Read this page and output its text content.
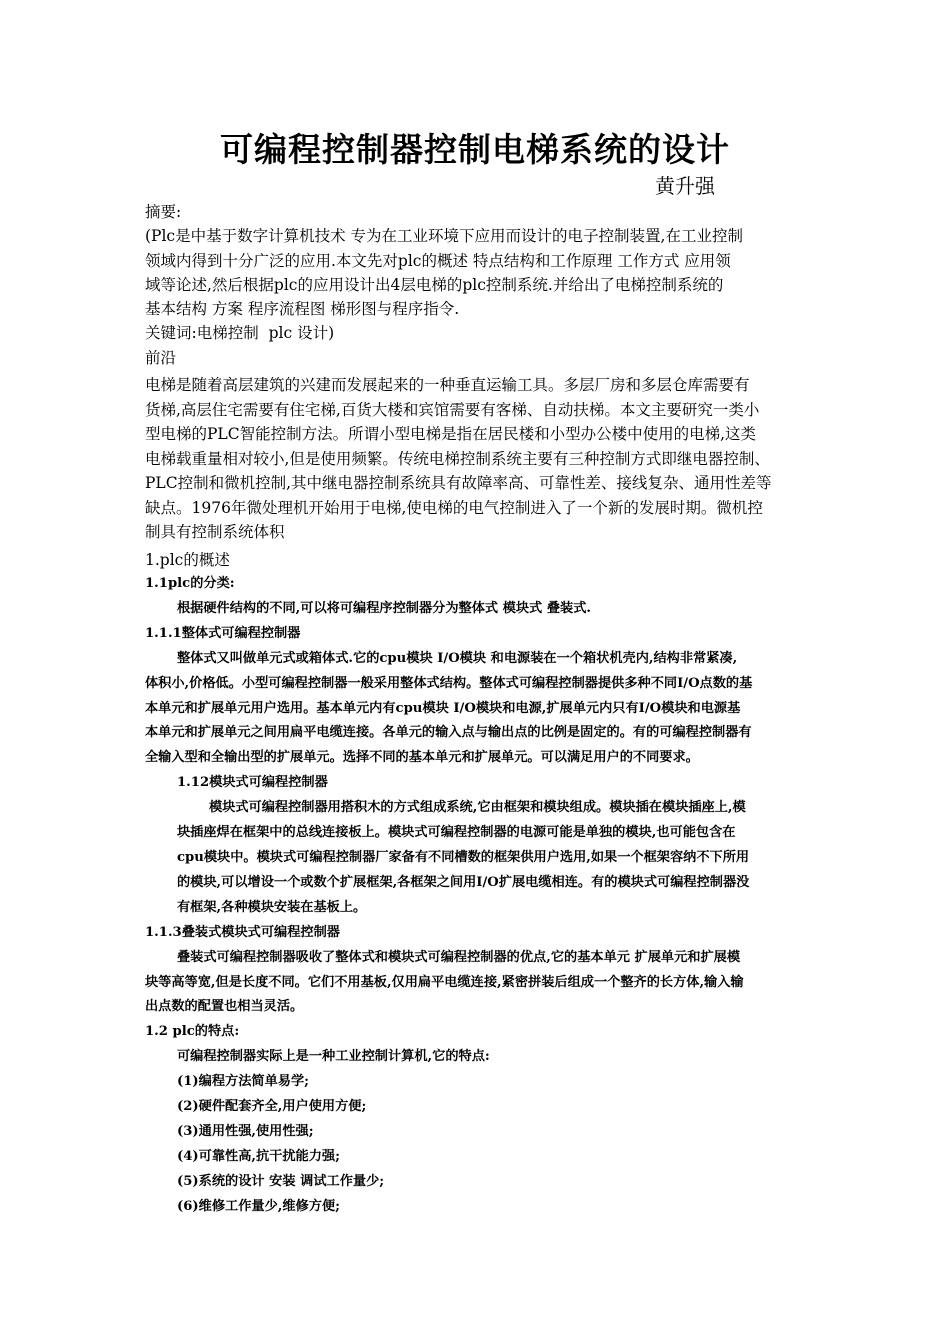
可编程控制器控制电梯系统的设计
黄升强

摘要:

(Plc是中基于数字计算机技术 专为在工业环境下应用而设计的电子控制装置,在工业控制

领域内得到十分广泛的应用.本文先对plc的概述 特点结构和工作原理 工作方式 应用领

域等论述,然后根据plc的应用设计出4层电梯的plc控制系统.并给出了电梯控制系统的

基本结构 方案 程序流程图 梯形图与程序指令.

关键词:电梯控制  plc 设计)

前沿

电梯是随着高层建筑的兴建而发展起来的一种垂直运输工具。多层厂房和多层仓库需要有

货梯,高层住宅需要有住宅梯,百货大楼和宾馆需要有客梯、自动扶梯。本文主要研究一类小

型电梯的PLC智能控制方法。所谓小型电梯是指在居民楼和小型办公楼中使用的电梯,这类

电梯载重量相对较小,但是使用频繁。传统电梯控制系统主要有三种控制方式即继电器控制、

PLC控制和微机控制,其中继电器控制系统具有故障率高、可靠性差、接线复杂、通用性差等

缺点。1976年微处理机开始用于电梯,使电梯的电气控制进入了一个新的发展时期。微机控

制具有控制系统体积

1.plc的概述

1.1plc的分类:

根据硬件结构的不同,可以将可编程序控制器分为整体式 模块式 叠装式.

1.1.1整体式可编程控制器

整体式又叫做单元式或箱体式.它的cpu模块 I/O模块 和电源装在一个箱状机壳内,结构非常紧凑,

体积小,价格低。小型可编程控制器一般采用整体式结构。整体式可编程控制器提供多种不同I/O点数的基

本单元和扩展单元用户选用。基本单元内有cpu模块 I/O模块和电源,扩展单元内只有I/O模块和电源基

本单元和扩展单元之间用扁平电缆连接。各单元的输入点与输出点的比例是固定的。有的可编程控制器有

全输入型和全输出型的扩展单元。选择不同的基本单元和扩展单元。可以满足用户的不同要求。

1.12模块式可编程控制器

模块式可编程控制器用搭积木的方式组成系统,它由框架和模块组成。模块插在模块插座上,模

块插座焊在框架中的总线连接板上。模块式可编程控制器的电源可能是单独的模块,也可能包含在

cpu模块中。模块式可编程控制器厂家备有不同槽数的框架供用户选用,如果一个框架容纳不下所用

的模块,可以增设一个或数个扩展框架,各框架之间用I/O扩展电缆相连。有的模块式可编程控制器没

有框架,各种模块安装在基板上。

1.1.3叠装式模块式可编程控制器

叠装式可编程控制器吸收了整体式和模块式可编程控制器的优点,它的基本单元 扩展单元和扩展模

块等高等宽,但是长度不同。它们不用基板,仅用扁平电缆连接,紧密拼装后组成一个整齐的长方体,输入输

出点数的配置也相当灵活。

1.2 plc的特点:

可编程控制器实际上是一种工业控制计算机,它的特点:

(1)编程方法简单易学;

(2)硬件配套齐全,用户使用方便;

(3)通用性强,使用性强;

(4)可靠性高,抗干扰能力强;

(5)系统的设计 安装 调试工作量少;

(6)维修工作量少,维修方便;
